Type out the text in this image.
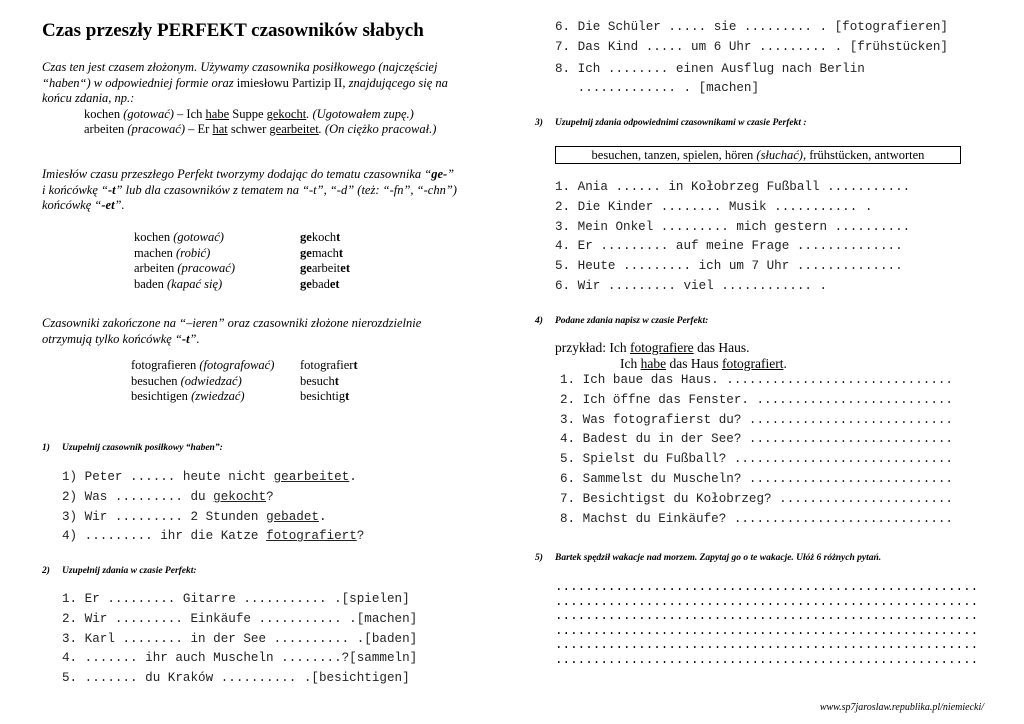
Czas przeszły PERFEKT czasowników słabych
Czas ten jest czasem złożonym. Używamy czasownika posiłkowego (najczęściej
“haben“) w odpowiedniej formie oraz imiesłowu Partizip II, znajdującego się na
końcu zdania, np.:
kochen (gotować) – Ich habe Suppe gekocht. (Ugotowałem zupę.)
arbeiten (pracować) – Er hat schwer gearbeitet. (On ciężko pracował.)
Imiesłów czasu przeszłego Perfekt tworzymy dodając do tematu czasownika “ge-”
i końcówkę “-t” lub dla czasowników z tematem na “-t”, “-d” (też: “-fn”, “-chn”)
końcówkę “-et”.
kochen (gotować)	gekocht
machen (robić)	gemacht
arbeiten (pracować)	gearbeitet
baden (kapać się)	gebadet
Czasowniki zakończone na “–ieren” oraz czasowniki złożone nierozdzielnie
otrzymują tylko końcówkę “-t”.
fotografieren (fotografować)	fotografiert
besuchen (odwiedzać)	besucht
besichtigen (zwiedzać)	besichtigt
1) Uzupełnij czasownik posiłkowy “haben”:
1) Peter ...... heute nicht gearbeitet.
2) Was ......... du gekocht?
3) Wir ......... 2 Stunden gebadet.
4) ......... ihr die Katze fotografiert?
2) Uzupełnij zdania w czasie Perfekt:
1. Er ......... Gitarre ........... .[spielen]
2. Wir ......... Einkäufe ........... .[machen]
3. Karl ........ in der See .......... .[baden]
4. ....... ihr auch Muscheln ........?[sammeln]
5. ....... du Kraków .......... .[besichtigen]
6. Die Schüler ..... sie ......... . [fotografieren]
7. Das Kind ..... um 6 Uhr ......... . [frühstücken]
8. Ich ........ einen Ausflug nach Berlin
............. . [machen]
3) Uzupełnij zdania odpowiednimi czasownikami w czasie Perfekt :
besuchen, tanzen, spielen, hören (słuchać), frühstücken, antworten
1. Ania ...... in Kołobrzeg Fußball ...........
2. Die Kinder ........ Musik ........... .
3. Mein Onkel ......... mich gestern ..........
4. Er ......... auf meine Frage ..............
5. Heute ......... ich um 7 Uhr ..............
6. Wir ......... viel ............ .
4) Podane zdania napisz w czasie Perfekt:
przykład: Ich fotografiere das Haus.
Ich habe das Haus fotografiert.
1. Ich baue das Haus. ..............................
2. Ich öffne das Fenster. ..........................
3. Was fotografierst du? ...........................
4. Badest du in der See? ...........................
5. Spielst du Fußball? .............................
6. Sammelst du Muscheln? ...........................
7. Besichtigst du Kołobrzeg? .......................
8. Machst du Einkäufe? .............................
5) Bartek spędził wakacje nad morzem. Zapytaj go o te wakacje. Ułóż 6 różnych pytań.
........................................................
........................................................
........................................................
........................................................
........................................................
........................................................
www.sp7jaroslaw.republika.pl/niemiecki/
